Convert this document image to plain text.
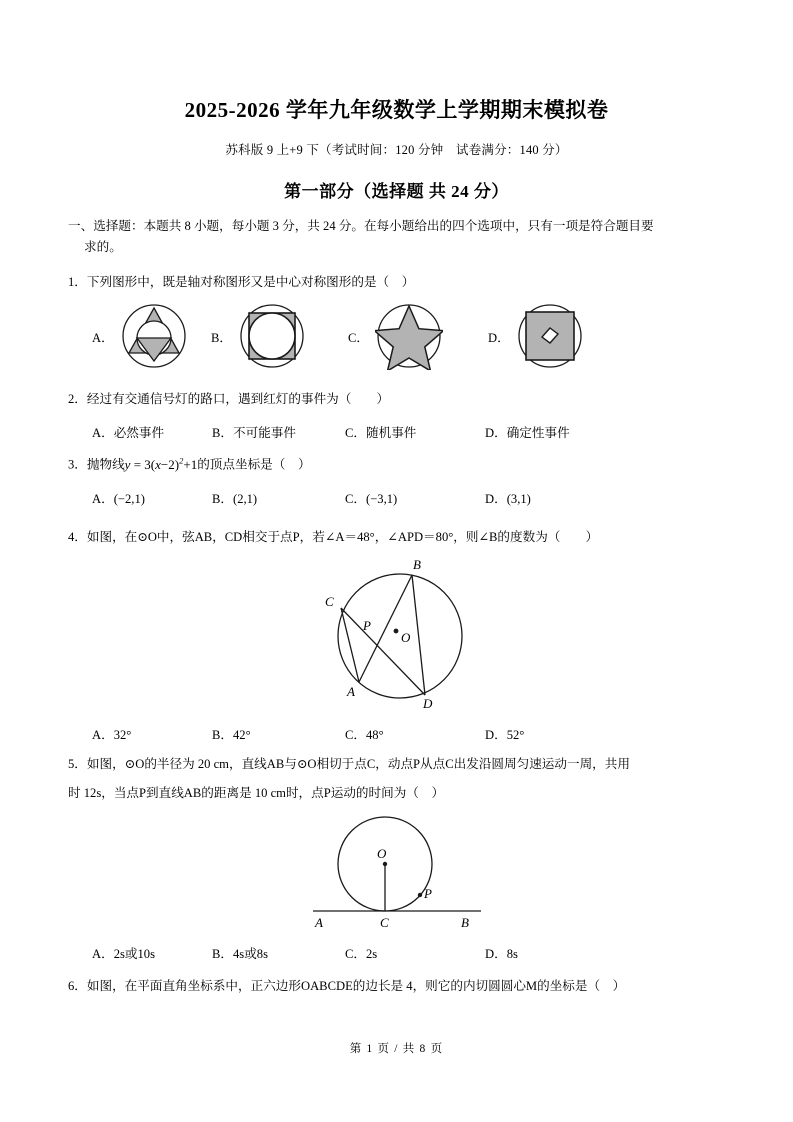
2025-2026 学年九年级数学上学期期末模拟卷
苏科版 9 上+9 下（考试时间：120 分钟　试卷满分：140 分）
第一部分（选择题 共 24 分）
一、选择题：本题共 8 小题，每小题 3 分，共 24 分。在每小题给出的四个选项中，只有一项是符合题目要
求的。
1．下列图形中，既是轴对称图形又是中心对称图形的是（　）
A．	B．	C．	D．
2．经过有交通信号灯的路口，遇到红灯的事件为（　　）
A．必然事件	B．不可能事件	C．随机事件	D．确定性事件
3．抛物线$y = 3(x-2)^2+1$的顶点坐标是（　）
A．(−2,1)	B．(2,1)	C．(−3,1)	D．(3,1)
4．如图，在⊙O中，弦AB，CD相交于点P，若∠A＝48°，∠APD＝80°，则∠B的度数为（　　）
B
C
O
P
A
D
A．32°	B．42°	C．48°	D．52°
5．如图，⊙O的半径为 20 cm，直线AB与⊙O相切于点C，动点P从点C出发沿圆周匀速运动一周，共用
时 12s，当点P到直线AB的距离是 10 cm时，点P运动的时间为（　）
O
P
A	C	B
A．2s或10s	B．4s或8s	C．2s	D．8s
6．如图，在平面直角坐标系中，正六边形OABCDE的边长是 4，则它的内切圆圆心M的坐标是（　）
第 1 页 / 共 8 页
